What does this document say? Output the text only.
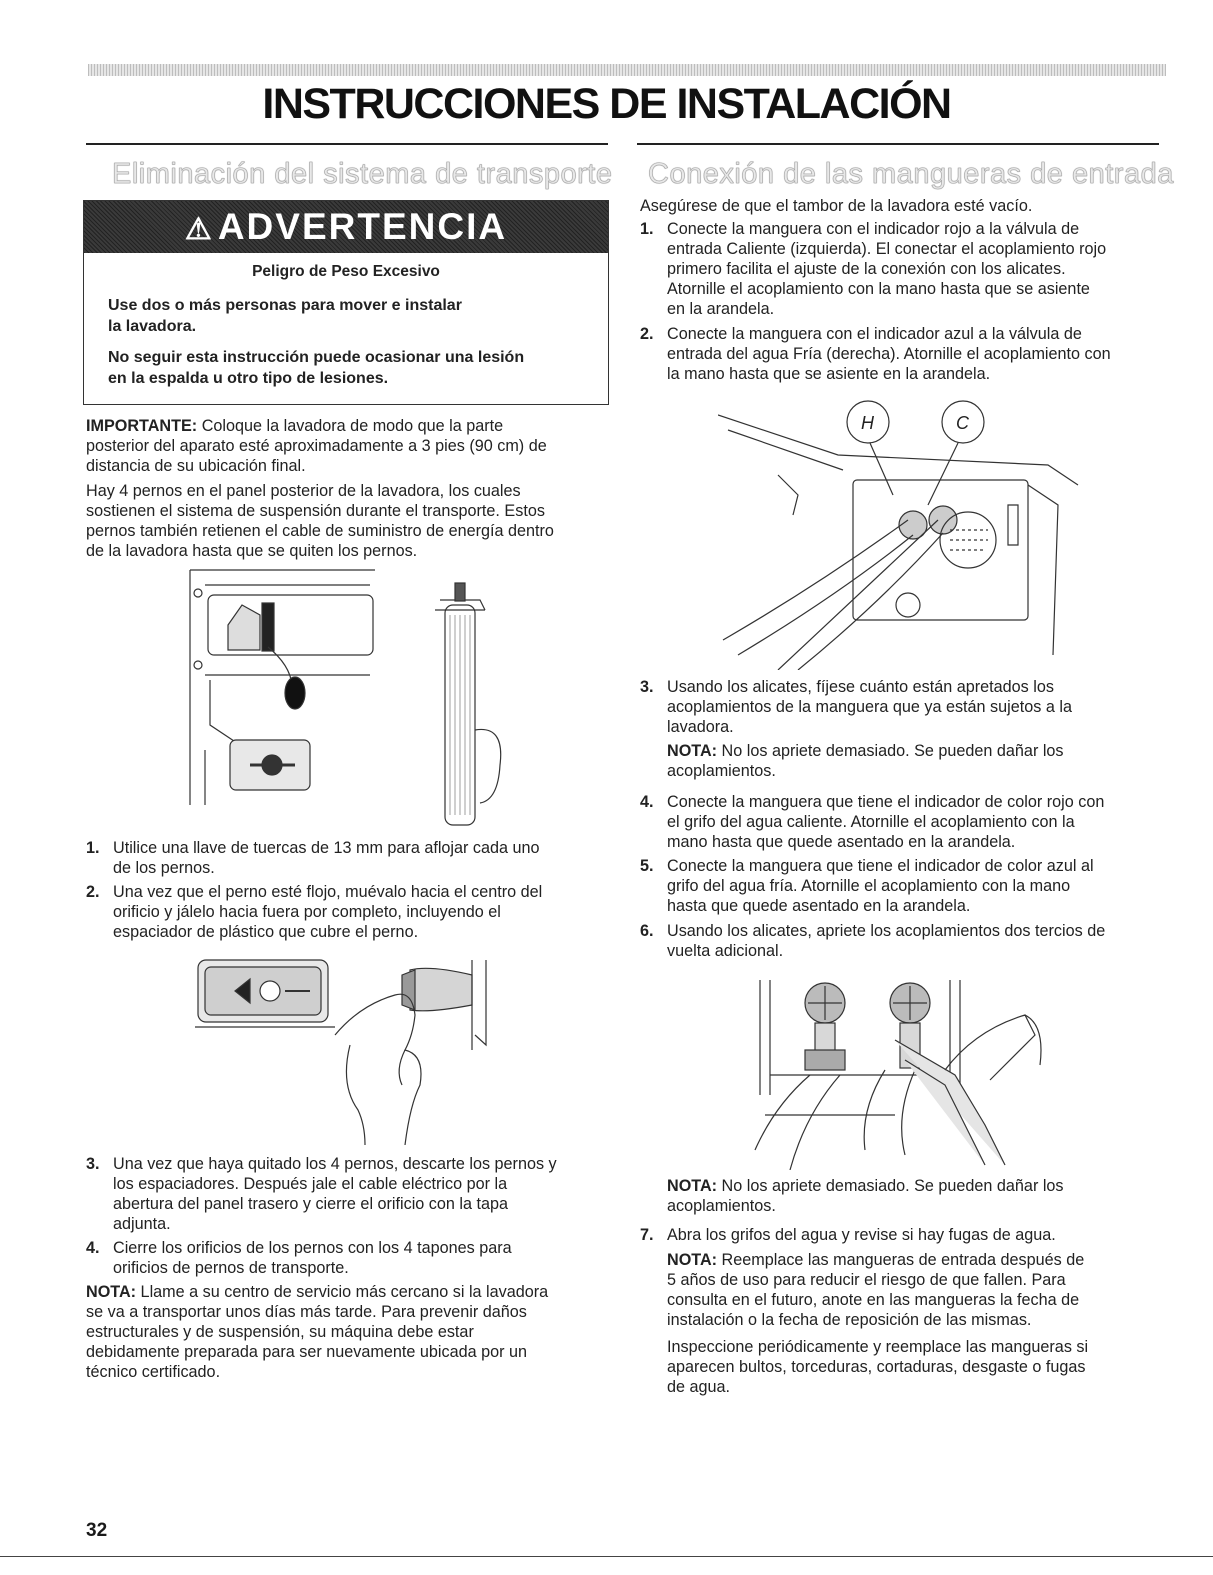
INSTRUCCIONES DE INSTALACIÓN
Eliminación del sistema de transporte
⚠ ADVERTENCIA
Peligro de Peso Excesivo
Use dos o más personas para mover e instalar
la lavadora.
No seguir esta instrucción puede ocasionar una lesión
en la espalda u otro tipo de lesiones.
IMPORTANTE: Coloque la lavadora de modo que la parte
posterior del aparato esté aproximadamente a 3 pies (90 cm) de
distancia de su ubicación final.
Hay 4 pernos en el panel posterior de la lavadora, los cuales
sostienen el sistema de suspensión durante el transporte. Estos
pernos también retienen el cable de suministro de energía dentro
de la lavadora hasta que se quiten los pernos.
1. Utilice una llave de tuercas de 13 mm para aflojar cada uno
de los pernos.
2. Una vez que el perno esté flojo, muévalo hacia el centro del
orificio y jálelo hacia fuera por completo, incluyendo el
espaciador de plástico que cubre el perno.
3. Una vez que haya quitado los 4 pernos, descarte los pernos y
los espaciadores. Después jale el cable eléctrico por la
abertura del panel trasero y cierre el orificio con la tapa
adjunta.
4. Cierre los orificios de los pernos con los 4 tapones para
orificios de pernos de transporte.
NOTA: Llame a su centro de servicio más cercano si la lavadora
se va a transportar unos días más tarde. Para prevenir daños
estructurales y de suspensión, su máquina debe estar
debidamente preparada para ser nuevamente ubicada por un
técnico certificado.
Conexión de las mangueras de entrada
Asegúrese de que el tambor de la lavadora esté vacío.
1. Conecte la manguera con el indicador rojo a la válvula de
entrada Caliente (izquierda). El conectar el acoplamiento rojo
primero facilita el ajuste de la conexión con los alicates.
Atornille el acoplamiento con la mano hasta que se asiente
en la arandela.
2. Conecte la manguera con el indicador azul a la válvula de
entrada del agua Fría (derecha). Atornille el acoplamiento con
la mano hasta que se asiente en la arandela.
H	C
3. Usando los alicates, fíjese cuánto están apretados los
acoplamientos de la manguera que ya están sujetos a la
lavadora.
NOTA: No los apriete demasiado. Se pueden dañar los
acoplamientos.
4. Conecte la manguera que tiene el indicador de color rojo con
el grifo del agua caliente. Atornille el acoplamiento con la
mano hasta que quede asentado en la arandela.
5. Conecte la manguera que tiene el indicador de color azul al
grifo del agua fría. Atornille el acoplamiento con la mano
hasta que quede asentado en la arandela.
6. Usando los alicates, apriete los acoplamientos dos tercios de
vuelta adicional.
NOTA: No los apriete demasiado. Se pueden dañar los
acoplamientos.
7. Abra los grifos del agua y revise si hay fugas de agua.
NOTA: Reemplace las mangueras de entrada después de
5 años de uso para reducir el riesgo de que fallen. Para
consulta en el futuro, anote en las mangueras la fecha de
instalación o la fecha de reposición de las mismas.
Inspeccione periódicamente y reemplace las mangueras si
aparecen bultos, torceduras, cortaduras, desgaste o fugas
de agua.
32
